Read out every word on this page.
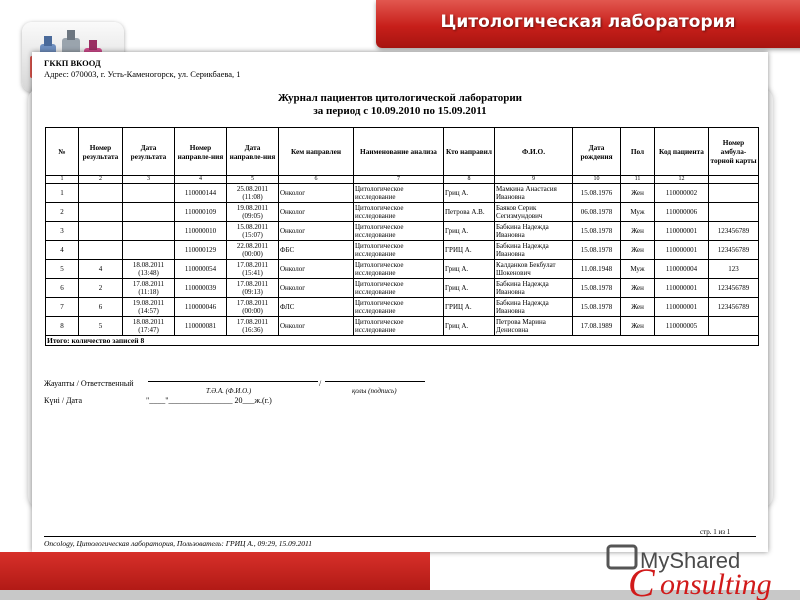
Цитологическая лаборатория
ГККП ВКООД
Адрес: 070003, г. Усть-Каменогорск, ул. Серикбаева, 1
Журнал пациентов цитологической лаборатории
за период с 10.09.2010 по 15.09.2011
№	Номер результата	Дата результата	Номер направле-ния	Дата направле-ния	Кем направлен	Наименование анализа	Кто направил	Ф.И.О.	Дата рождения	Пол	Код пациента	Номер амбула-торной карты
1	2	3	4	5	6	7	8	9	10	11	12	
1			110000144	25.08.2011 (11:08)	Онколог	Цитологическое исследование	Гриц А.	Мамкина Анастасия Ивановна	15.08.1976	Жен	110000002	
2			110000109	19.08.2011 (09:05)	Онколог	Цитологическое исследование	Петрова А.В.	Баяков Серик Сегизмундович	06.08.1978	Муж	110000006	
3			110000010	15.08.2011 (15:07)	Онколог	Цитологическое исследование	Гриц А.	Бабкина Надежда Ивановна	15.08.1978	Жен	110000001	123456789
4			110000129	22.08.2011 (00:00)	ФБС	Цитологическое исследование	ГРИЦ А.	Бабкина Надежда Ивановна	15.08.1978	Жен	110000001	123456789
5	4	18.08.2011 (13:48)	110000054	17.08.2011 (15:41)	Онколог	Цитологическое исследование	Гриц А.	Калданков Бекбулат Шокенович	11.08.1948	Муж	110000004	123
6	2	17.08.2011 (11:18)	110000039	17.08.2011 (09:13)	Онколог	Цитологическое исследование	Гриц А.	Бабкина Надежда Ивановна	15.08.1978	Жен	110000001	123456789
7	6	19.08.2011 (14:57)	110000046	17.08.2011 (00:00)	ФЛС	Цитологическое исследование	ГРИЦ А.	Бабкина Надежда Ивановна	15.08.1978	Жен	110000001	123456789
8	5	18.08.2011 (17:47)	110000081	17.08.2011 (16:36)	Онколог	Цитологическое исследование	Гриц А.	Петрова Марина Денисовна	17.08.1989	Жен	110000005	
Итого: количество записей 8												
Жауапты / Ответственный	/
Т.Ә.А. (Ф.И.О.)	қолы (подпись)
Күні / Дата	"____"________________ 20___ж.(г.)
стр. 1 из 1
Oncology, Цитологическая лаборатория, Пользователь: ГРИЦ А., 09:29, 15.09.2011
MyShared
C onsulting
